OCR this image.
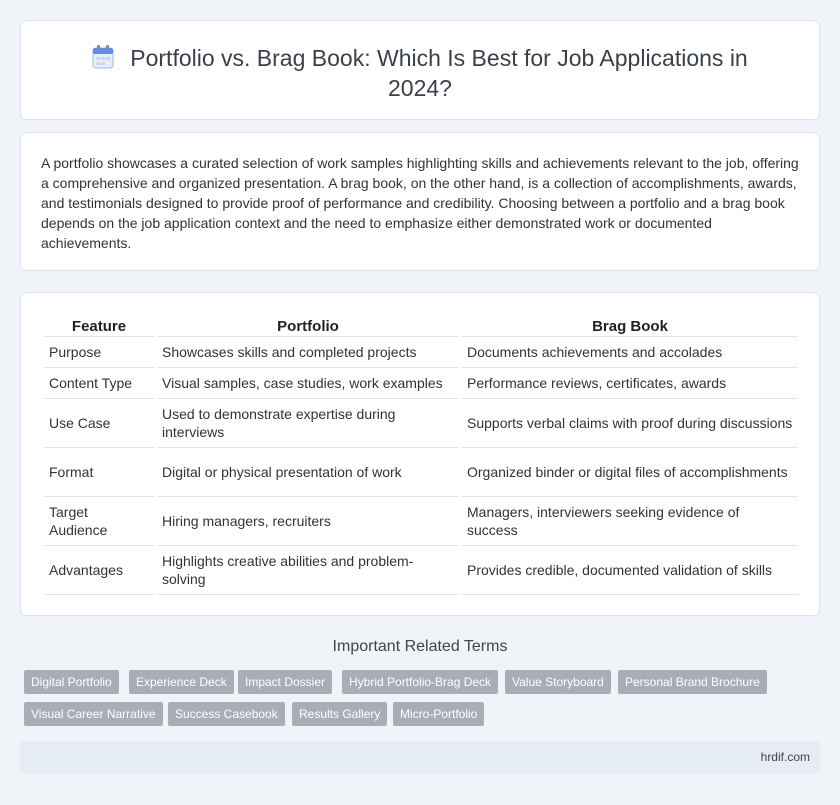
Portfolio vs. Brag Book: Which Is Best for Job Applications in 2024?

A portfolio showcases a curated selection of work samples highlighting skills and achievements relevant to the job, offering a comprehensive and organized presentation. A brag book, on the other hand, is a collection of accomplishments, awards, and testimonials designed to provide proof of performance and credibility. Choosing between a portfolio and a brag book depends on the job application context and the need to emphasize either demonstrated work or documented achievements.

Feature	Portfolio	Brag Book
Purpose	Showcases skills and completed projects	Documents achievements and accolades
Content Type	Visual samples, case studies, work examples	Performance reviews, certificates, awards
Use Case	Used to demonstrate expertise during interviews	Supports verbal claims with proof during discussions
Format	Digital or physical presentation of work	Organized binder or digital files of accomplishments
Target Audience	Hiring managers, recruiters	Managers, interviewers seeking evidence of success
Advantages	Highlights creative abilities and problem-solving	Provides credible, documented validation of skills
Important Related Terms
Digital Portfolio	Experience Deck	Impact Dossier	Hybrid Portfolio-Brag Deck	Value Storyboard	Personal Brand Brochure
Visual Career Narrative	Success Casebook	Results Gallery	Micro-Portfolio
hrdif.com
